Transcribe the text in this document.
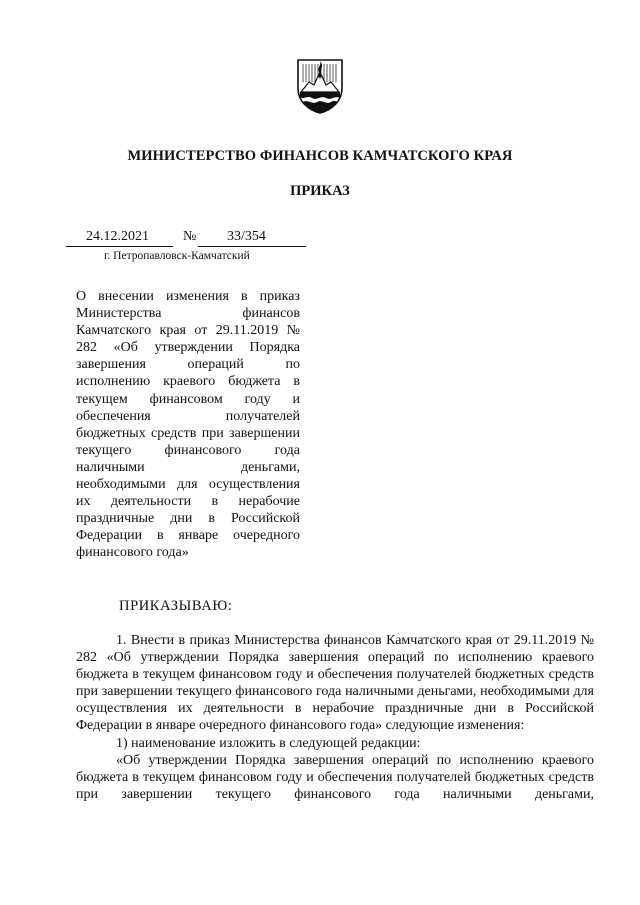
МИНИСТЕРСТВО ФИНАНСОВ КАМЧАТСКОГО КРАЯ
ПРИКАЗ
24.12.2021 № 33/354
г. Петропавловск-Камчатский

О внесении изменения в приказ Министерства финансов Камчатского края от 29.11.2019 № 282 «Об утверждении Порядка завершения операций по исполнению краевого бюджета в текущем финансовом году и обеспечения получателей бюджетных средств при завершении текущего финансового года наличными деньгами, необходимыми для осуществления их деятельности в нерабочие праздничные дни в Российской Федерации в январе очередного финансового года»

ПРИКАЗЫВАЮ:

1. Внести в приказ Министерства финансов Камчатского края от 29.11.2019 № 282 «Об утверждении Порядка завершения операций по исполнению краевого бюджета в текущем финансовом году и обеспечения получателей бюджетных средств при завершении текущего финансового года наличными деньгами, необходимыми для осуществления их деятельности в нерабочие праздничные дни в Российской Федерации в январе очередного финансового года» следующие изменения:

1) наименование изложить в следующей редакции:

«Об утверждении Порядка завершения операций по исполнению краевого бюджета в текущем финансовом году и обеспечения получателей бюджетных средств при завершении текущего финансового года наличными деньгами,
